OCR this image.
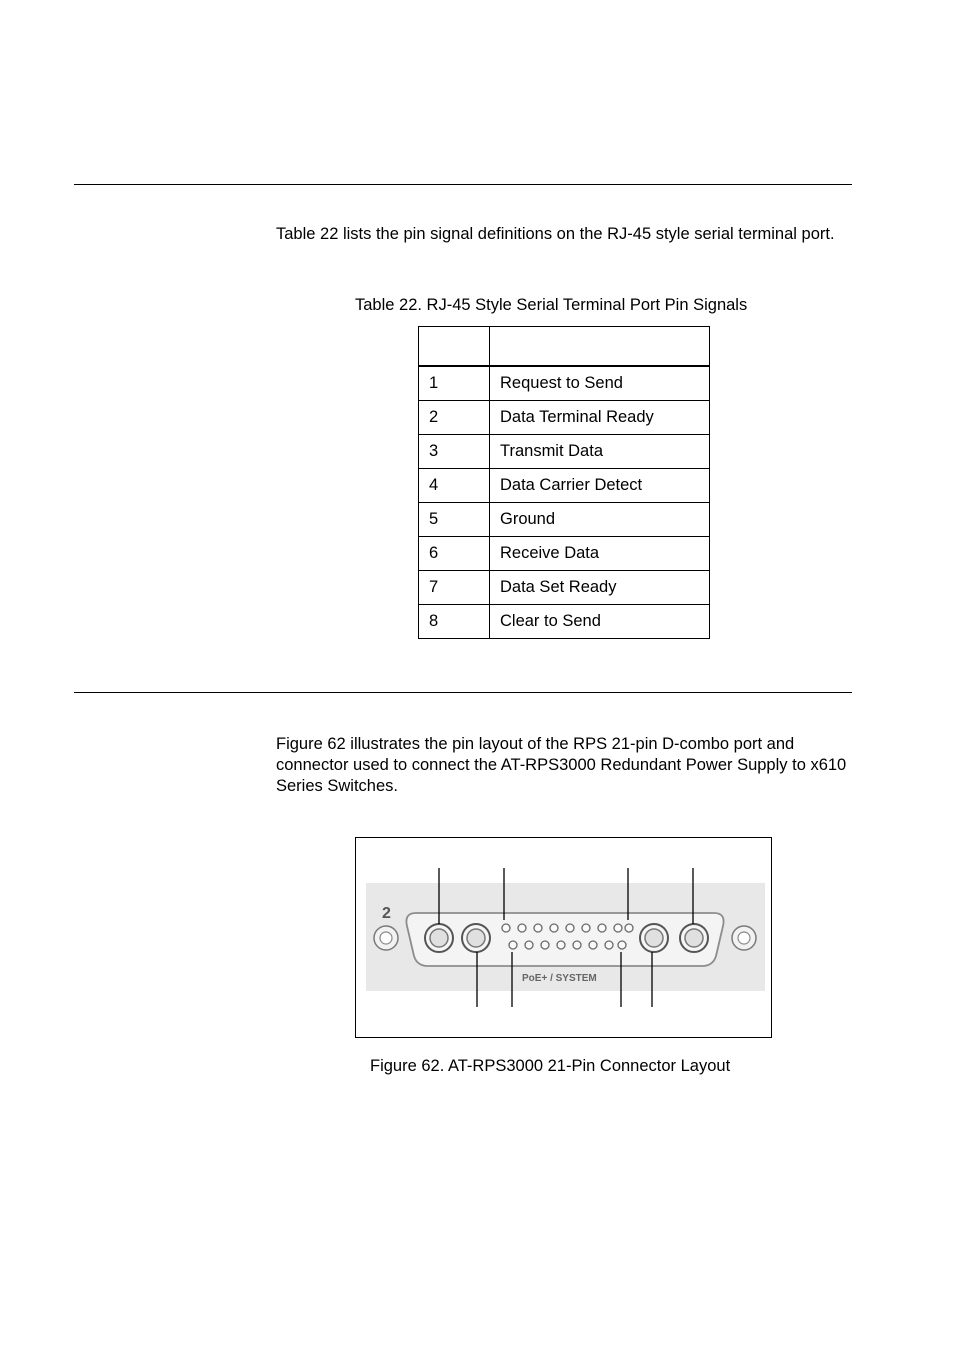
Table 22 lists the pin signal definitions on the RJ-45 style serial terminal port.

Table 22. RJ-45 Style Serial Terminal Port Pin Signals

1	Request to Send
2	Data Terminal Ready
3	Transmit Data
4	Data Carrier Detect
5	Ground
6	Receive Data
7	Data Set Ready
8	Clear to Send

Figure 62 illustrates the pin layout of the RPS 21-pin D-combo port and connector used to connect the AT-RPS3000 Redundant Power Supply to x610 Series Switches.

2
PoE+ / SYSTEM

Figure 62. AT-RPS3000 21-Pin Connector Layout
